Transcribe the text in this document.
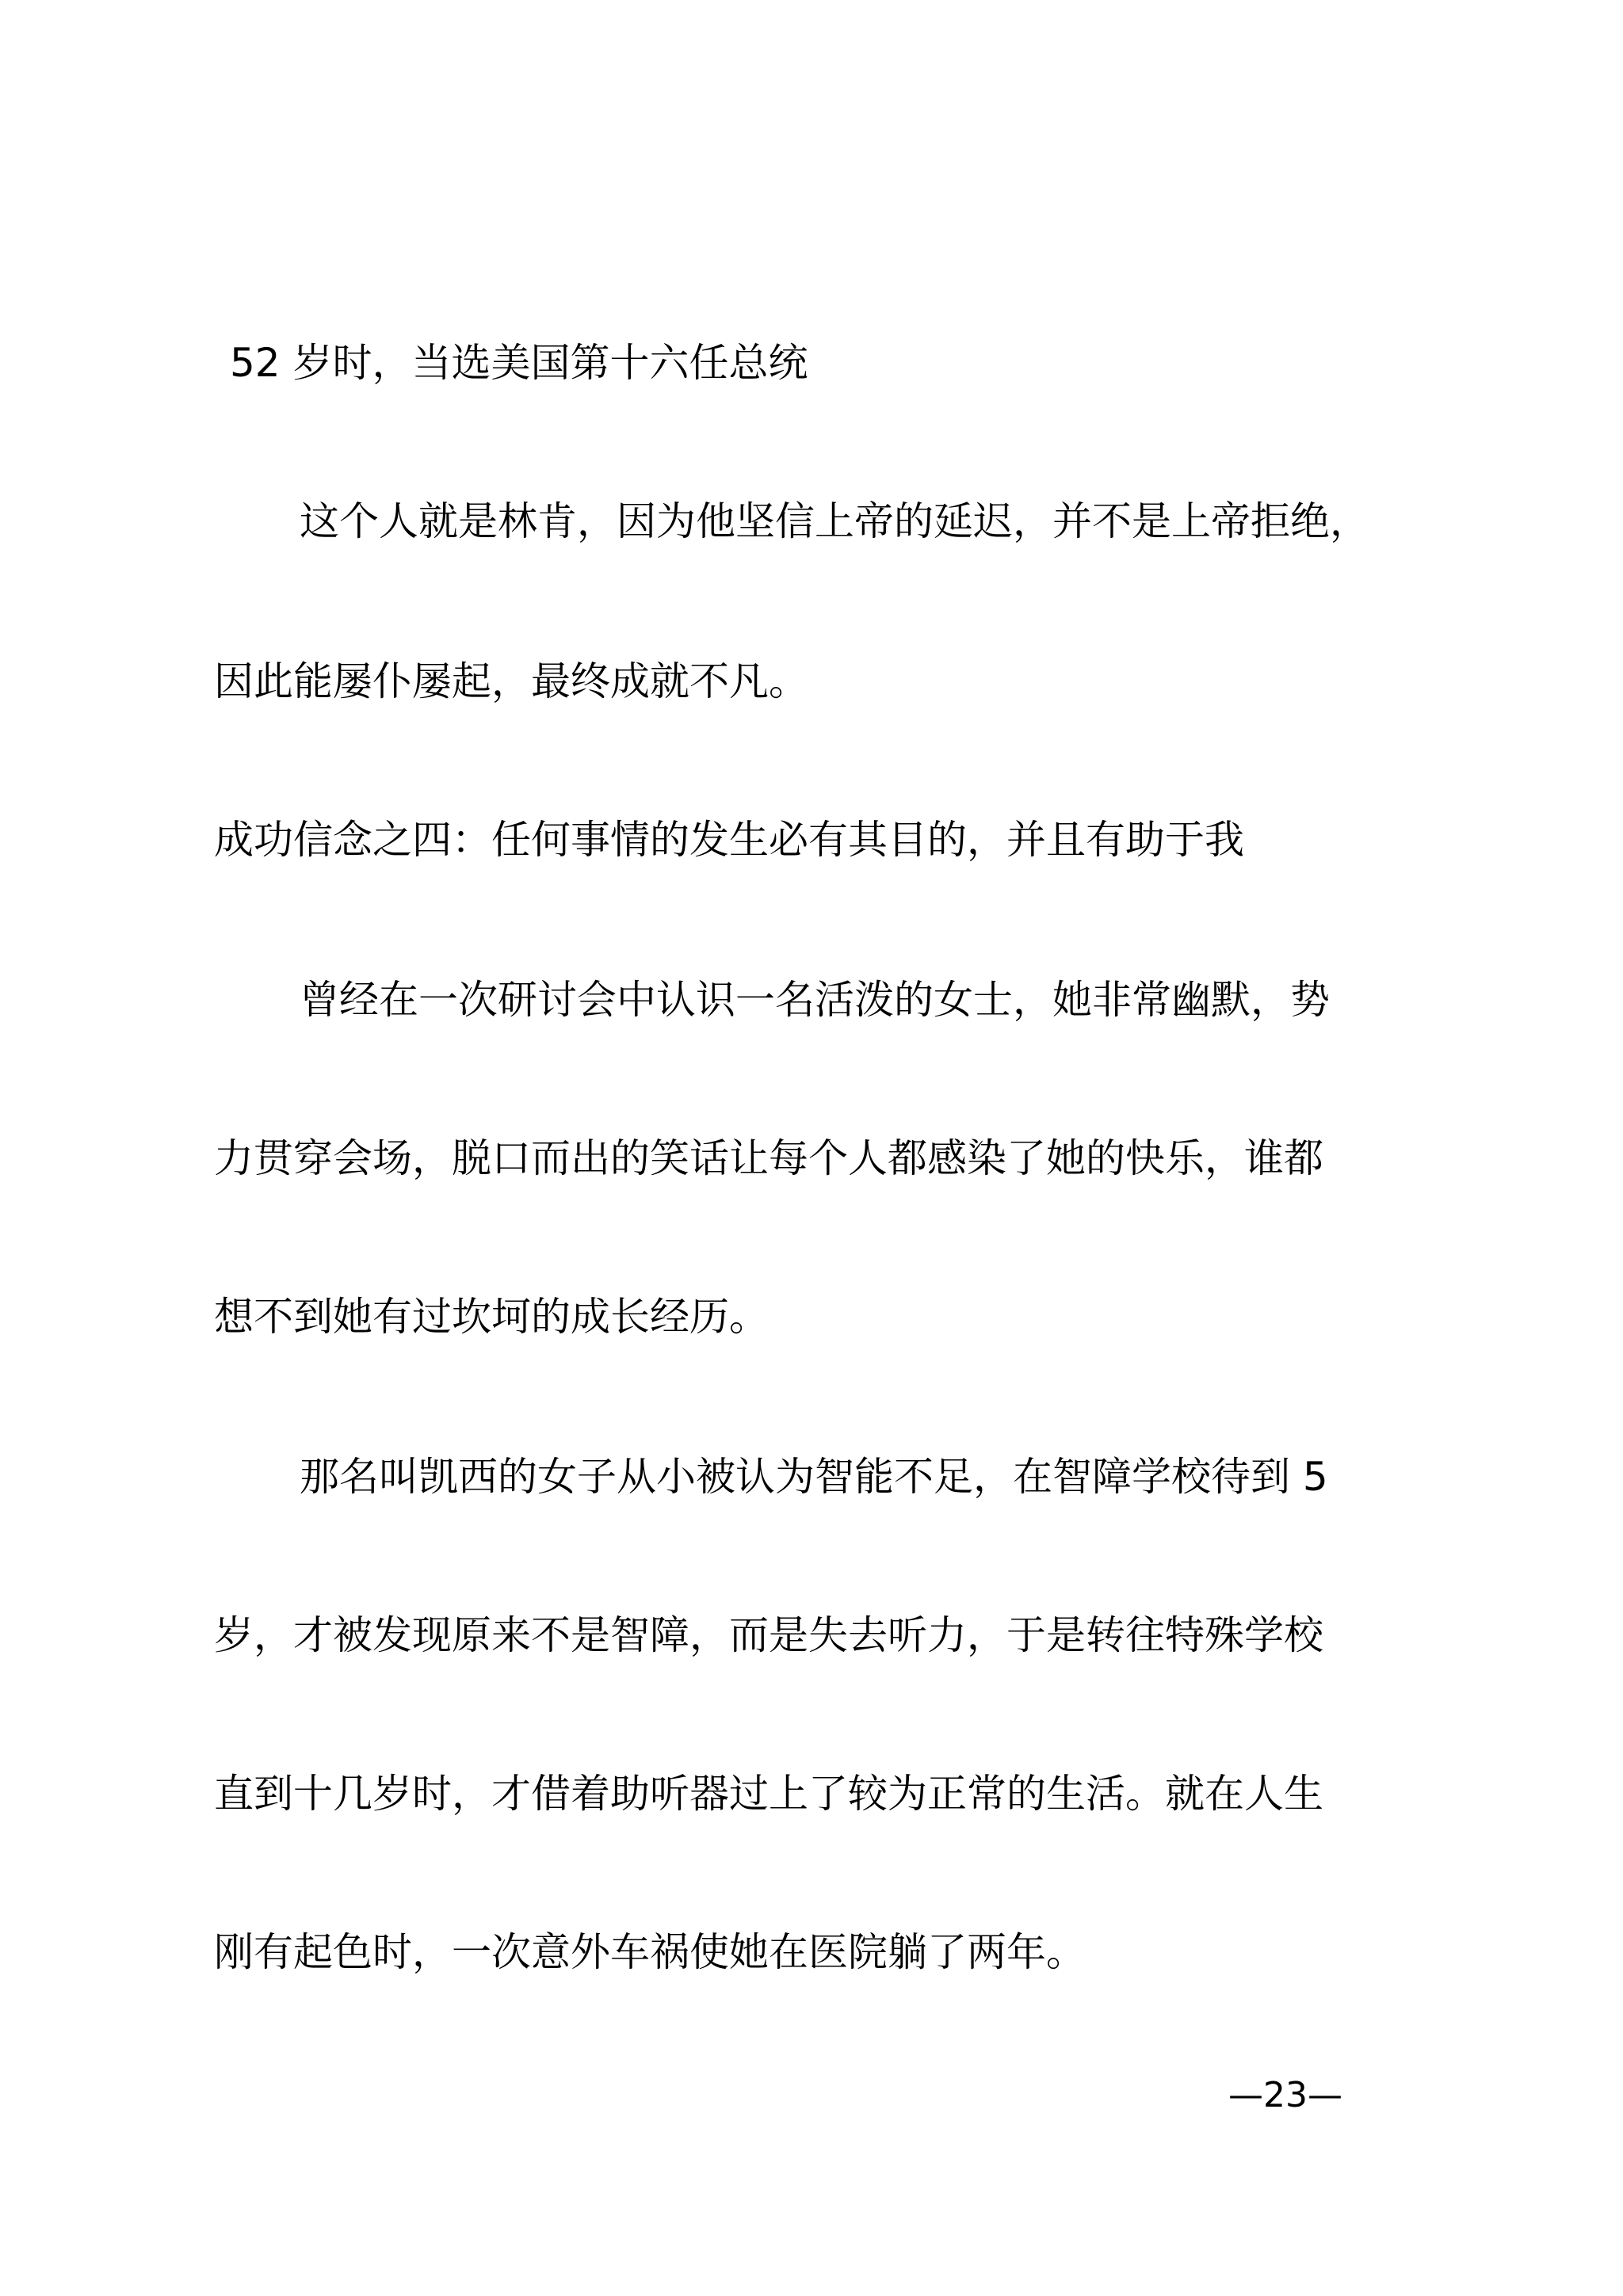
52 岁时，当选美国第十六任总统
这个人就是林肯，因为他坚信上帝的延迟，并不是上帝拒绝，
因此能屡仆屡起，最终成就不凡。
成功信念之四：任何事情的发生必有其目的，并且有助于我
曾经在一次研讨会中认识一名活泼的女士，她非常幽默，势
力贯穿会场，脱口而出的笑话让每个人都感染了她的快乐，谁都
想不到她有过坎坷的成长经历。
那名叫凯西的女子从小被认为智能不足，在智障学校待到 5
岁，才被发现原来不是智障，而是失去听力，于是转往特殊学校
直到十几岁时，才借着助听器过上了较为正常的生活。就在人生
刚有起色时，一次意外车祸使她在医院躺了两年。
—23—
